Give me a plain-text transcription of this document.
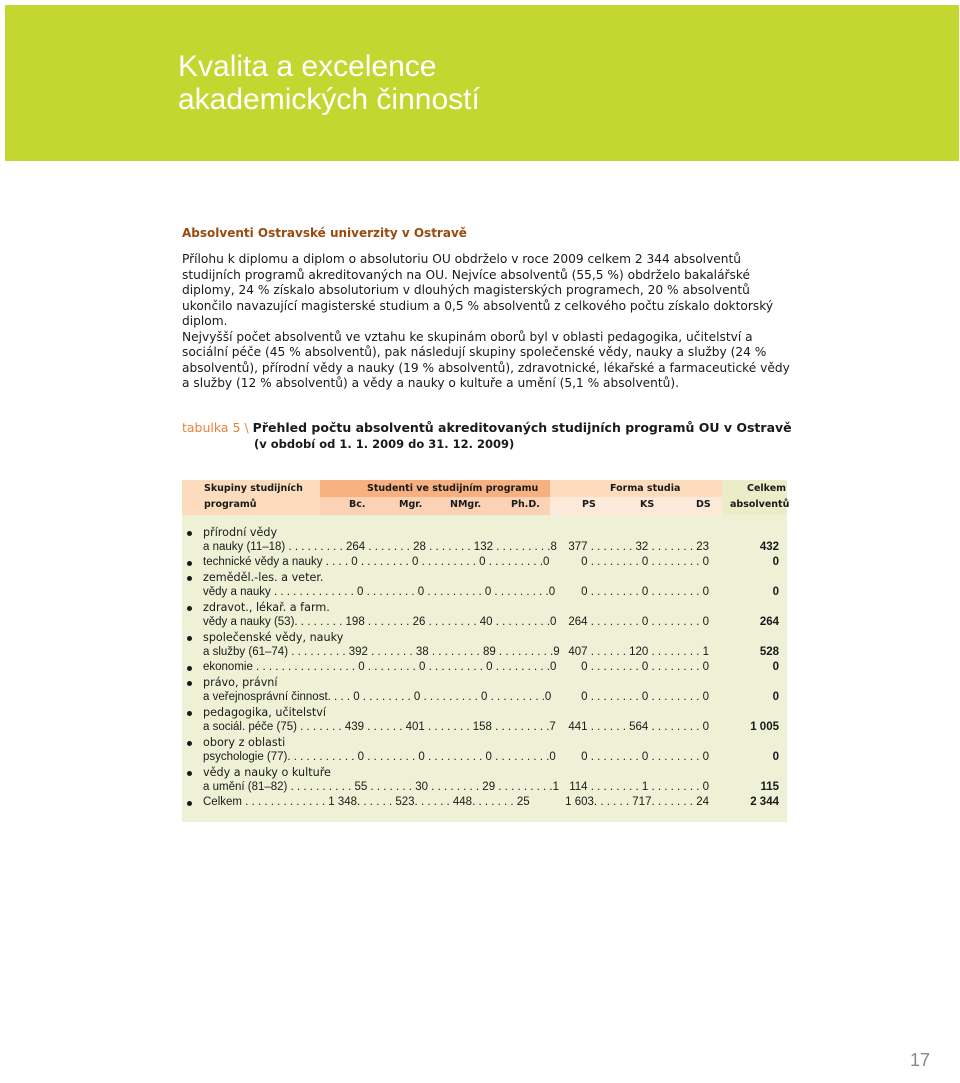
Kvalita a excelence
akademických činností
Absolventi Ostravské univerzity v Ostravě

Přílohu k diplomu a diplom o absolutoriu OU obdrželo v roce 2009 celkem 2 344 absolventů studijních programů akreditovaných na OU. Nejvíce absolventů (55,5 %) obdrželo bakalářské diplomy, 24 % získalo absolutorium v dlouhých magisterských programech, 20 % absolventů ukončilo navazující magisterské studium a 0,5 % absolventů z celkového počtu získalo doktorský diplom.

Nejvyšší počet absolventů ve vztahu ke skupinám oborů byl v oblasti pedagogika, učitelství a sociální péče (45 % absolventů), pak následují skupiny společenské vědy, nauky a služby (24 % absolventů), přírodní vědy a nauky (19 % absolventů), zdravotnické, lékařské a farmaceutické vědy a služby (12 % absolventů) a vědy a nauky o kultuře a umění (5,1 % absolventů).

tabulka 5 \ Přehled počtu absolventů akreditovaných studijních programů OU v Ostravě
(v období od 1. 1. 2009 do 31. 12. 2009)
Skupiny studijních
programů
Studenti ve studijním programu
Bc.	Mgr.	NMgr.	Ph.D.
Forma studia
PS	KS	DS
Celkem
absolventů
přírodní vědy
a nauky (11–18) . . . . . . . . . 264 . . . . . . . 28 . . . . . . . 132 . . . . . . . . .8 377 . . . . . . . 32 . . . . . . . 23	432
technické vědy a nauky . . . . 0 . . . . . . . . 0 . . . . . . . . . 0 . . . . . . . . .0	0 . . . . . . . . 0 . . . . . . . . 0	0
zeměděl.-les. a veter.
vědy a nauky . . . . . . . . . . . . . 0 . . . . . . . . 0 . . . . . . . . . 0 . . . . . . . . .0 0 . . . . . . . . 0 . . . . . . . . 0	0
zdravot., lékař. a farm.
vědy a nauky (53). . . . . . . . 198 . . . . . . . 26 . . . . . . . . 40 . . . . . . . . .0 264 . . . . . . . . 0 . . . . . . . . 0	264
společenské vědy, nauky
a služby (61–74) . . . . . . . . . 392 . . . . . . . 38 . . . . . . . . 89 . . . . . . . . .9 407 . . . . . . 120 . . . . . . . . 1	528
ekonomie . . . . . . . . . . . . . . . . 0 . . . . . . . . 0 . . . . . . . . . 0 . . . . . . . . .0 0 . . . . . . . . 0 . . . . . . . . 0	0
právo, právní
a veřejnosprávní činnost. . . . 0 . . . . . . . . 0 . . . . . . . . . 0 . . . . . . . . .0	0 . . . . . . . . 0 . . . . . . . . 0	0
pedagogika, učitelství
a sociál. péče (75) . . . . . . . 439 . . . . . . 401 . . . . . . . 158 . . . . . . . . .7 441 . . . . . . 564 . . . . . . . . 0	1 005
obory z oblasti
psychologie (77). . . . . . . . . . . 0 . . . . . . . . 0 . . . . . . . . . 0 . . . . . . . . .0 0 . . . . . . . . 0 . . . . . . . . 0	0
vědy a nauky o kultuře
a umění (81–82) . . . . . . . . . . 55 . . . . . . . 30 . . . . . . . . 29 . . . . . . . . .1 114 . . . . . . . . 1 . . . . . . . . 0	115
Celkem . . . . . . . . . . . . . 1 348. . . . . . 523. . . . . . 448. . . . . . . 25	1 603. . . . . . 717. . . . . . . 24	2 344
17
